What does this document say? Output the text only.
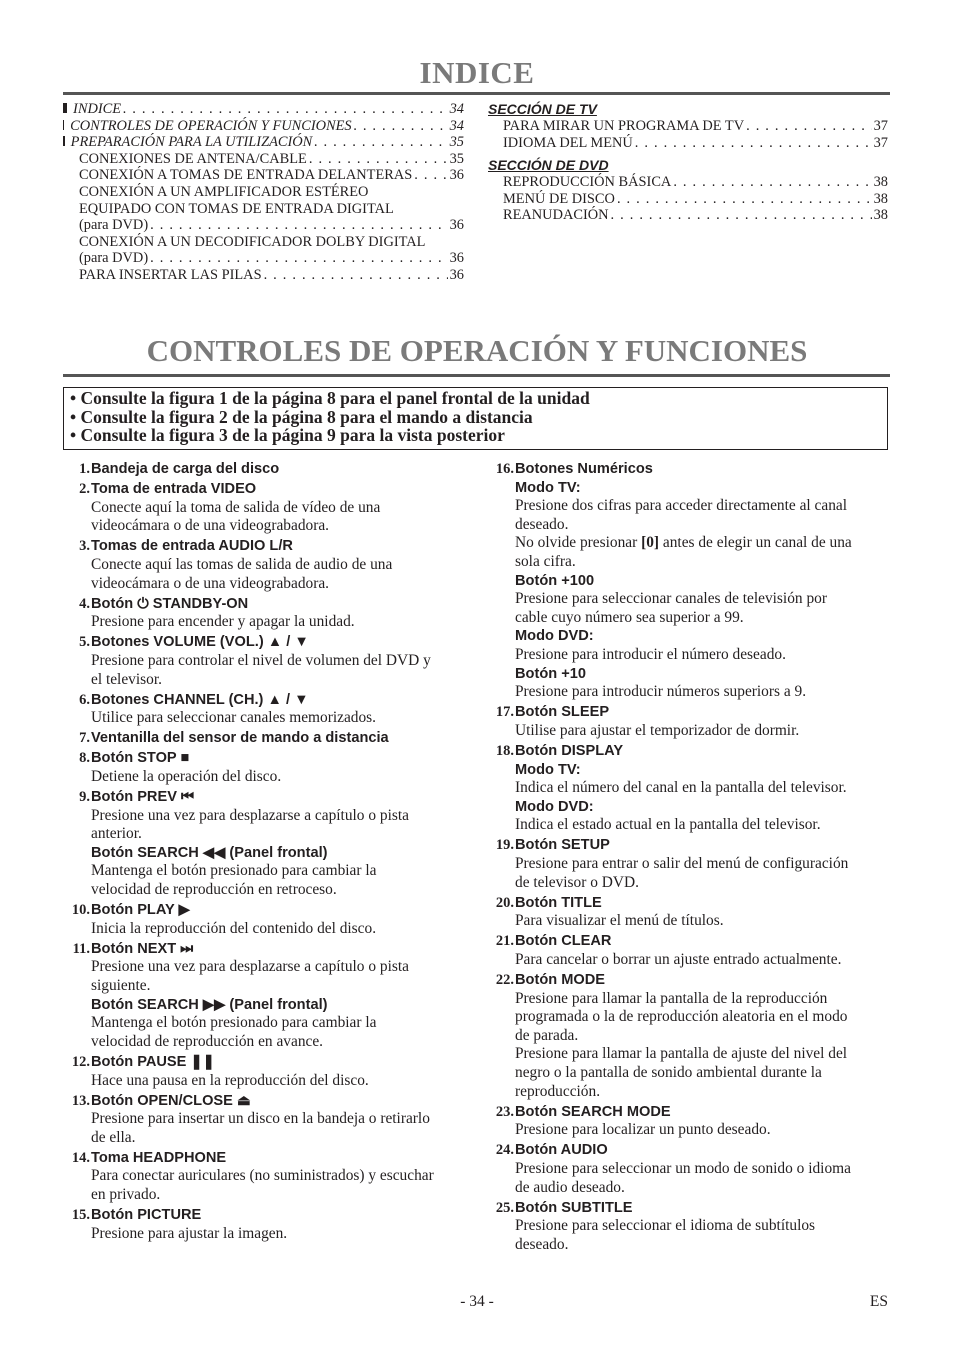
INDICE
INDICE . . .	34
CONTROLES DE OPERACIÓN Y FUNCIONES . . .	34
PREPARACIÓN PARA LA UTILIZACIÓN . . .	35
CONEXIONES DE ANTENA/CABLE . . .	35
CONEXIÓN A TOMAS DE ENTRADA DELANTERAS . . .	36
CONEXIÓN A UN AMPLIFICADOR ESTÉREO
EQUIPADO CON TOMAS DE ENTRADA DIGITAL
(para DVD) . . .	36
CONEXIÓN A UN DECODIFICADOR DOLBY DIGITAL
(para DVD) . . .	36
PARA INSERTAR LAS PILAS . . .	36
SECCIÓN DE TV
PARA MIRAR UN PROGRAMA DE TV . . .	37
IDIOMA DEL MENÚ . . .	37
SECCIÓN DE DVD
REPRODUCCIÓN BÁSICA . . .	38
MENÚ DE DISCO . . .	38
REANUDACIÓN . . .	38
CONTROLES DE OPERACIÓN Y FUNCIONES
• Consulte la figura 1 de la página 8 para el panel frontal de la unidad
• Consulte la figura 2 de la página 8 para el mando a distancia
• Consulte la figura 3 de la página 9 para la vista posterior
1. Bandeja de carga del disco
2. Toma de entrada VIDEO
Conecte aquí la toma de salida de vídeo de una
videocámara o de una videograbadora.
3. Tomas de entrada AUDIO L/R
Conecte aquí las tomas de salida de audio de una
videocámara o de una videograbadora.
4. Botón ⏻ STANDBY-ON
Presione para encender y apagar la unidad.
5. Botones VOLUME (VOL.) ▲ / ▼
Presione para controlar el nivel de volumen del DVD y
el televisor.
6. Botones CHANNEL (CH.) ▲ / ▼
Utilice para seleccionar canales memorizados.
7. Ventanilla del sensor de mando a distancia
8. Botón STOP ■
Detiene la operación del disco.
9. Botón PREV ⏮
Presione una vez para desplazarse a capítulo o pista
anterior.
Botón SEARCH ◀◀ (Panel frontal)
Mantenga el botón presionado para cambiar la
velocidad de reproducción en retroceso.
10. Botón PLAY ▶
Inicia la reproducción del contenido del disco.
11. Botón NEXT ⏭
Presione una vez para desplazarse a capítulo o pista
siguiente.
Botón SEARCH ▶▶ (Panel frontal)
Mantenga el botón presionado para cambiar la
velocidad de reproducción en avance.
12. Botón PAUSE ❚❚
Hace una pausa en la reproducción del disco.
13. Botón OPEN/CLOSE ⏏
Presione para insertar un disco en la bandeja o retirarlo
de ella.
14. Toma HEADPHONE
Para conectar auriculares (no suministrados) y escuchar
en privado.
15. Botón PICTURE
Presione para ajustar la imagen.
16. Botones Numéricos
Modo TV:
Presione dos cifras para acceder directamente al canal
deseado.
No olvide presionar [0] antes de elegir un canal de una
sola cifra.
Botón +100
Presione para seleccionar canales de televisión por
cable cuyo número sea superior a 99.
Modo DVD:
Presione para introducir el número deseado.
Botón +10
Presione para introducir números superiors a 9.
17. Botón SLEEP
Utilise para ajustar el temporizador de dormir.
18. Botón DISPLAY
Modo TV:
Indica el número del canal en la pantalla del televisor.
Modo DVD:
Indica el estado actual en la pantalla del televisor.
19. Botón SETUP
Presione para entrar o salir del menú de configuración
de televisor o DVD.
20. Botón TITLE
Para visualizar el menú de títulos.
21. Botón CLEAR
Para cancelar o borrar un ajuste entrado actualmente.
22. Botón MODE
Presione para llamar la pantalla de la reproducción
programada o la de reproducción aleatoria en el modo
de parada.
Presione para llamar la pantalla de ajuste del nivel del
negro o la pantalla de sonido ambiental durante la
reproducción.
23. Botón SEARCH MODE
Presione para localizar un punto deseado.
24. Botón AUDIO
Presione para seleccionar un modo de sonido o idioma
de audio deseado.
25. Botón SUBTITLE
Presione para seleccionar el idioma de subtítulos
deseado.
- 34 -	ES
